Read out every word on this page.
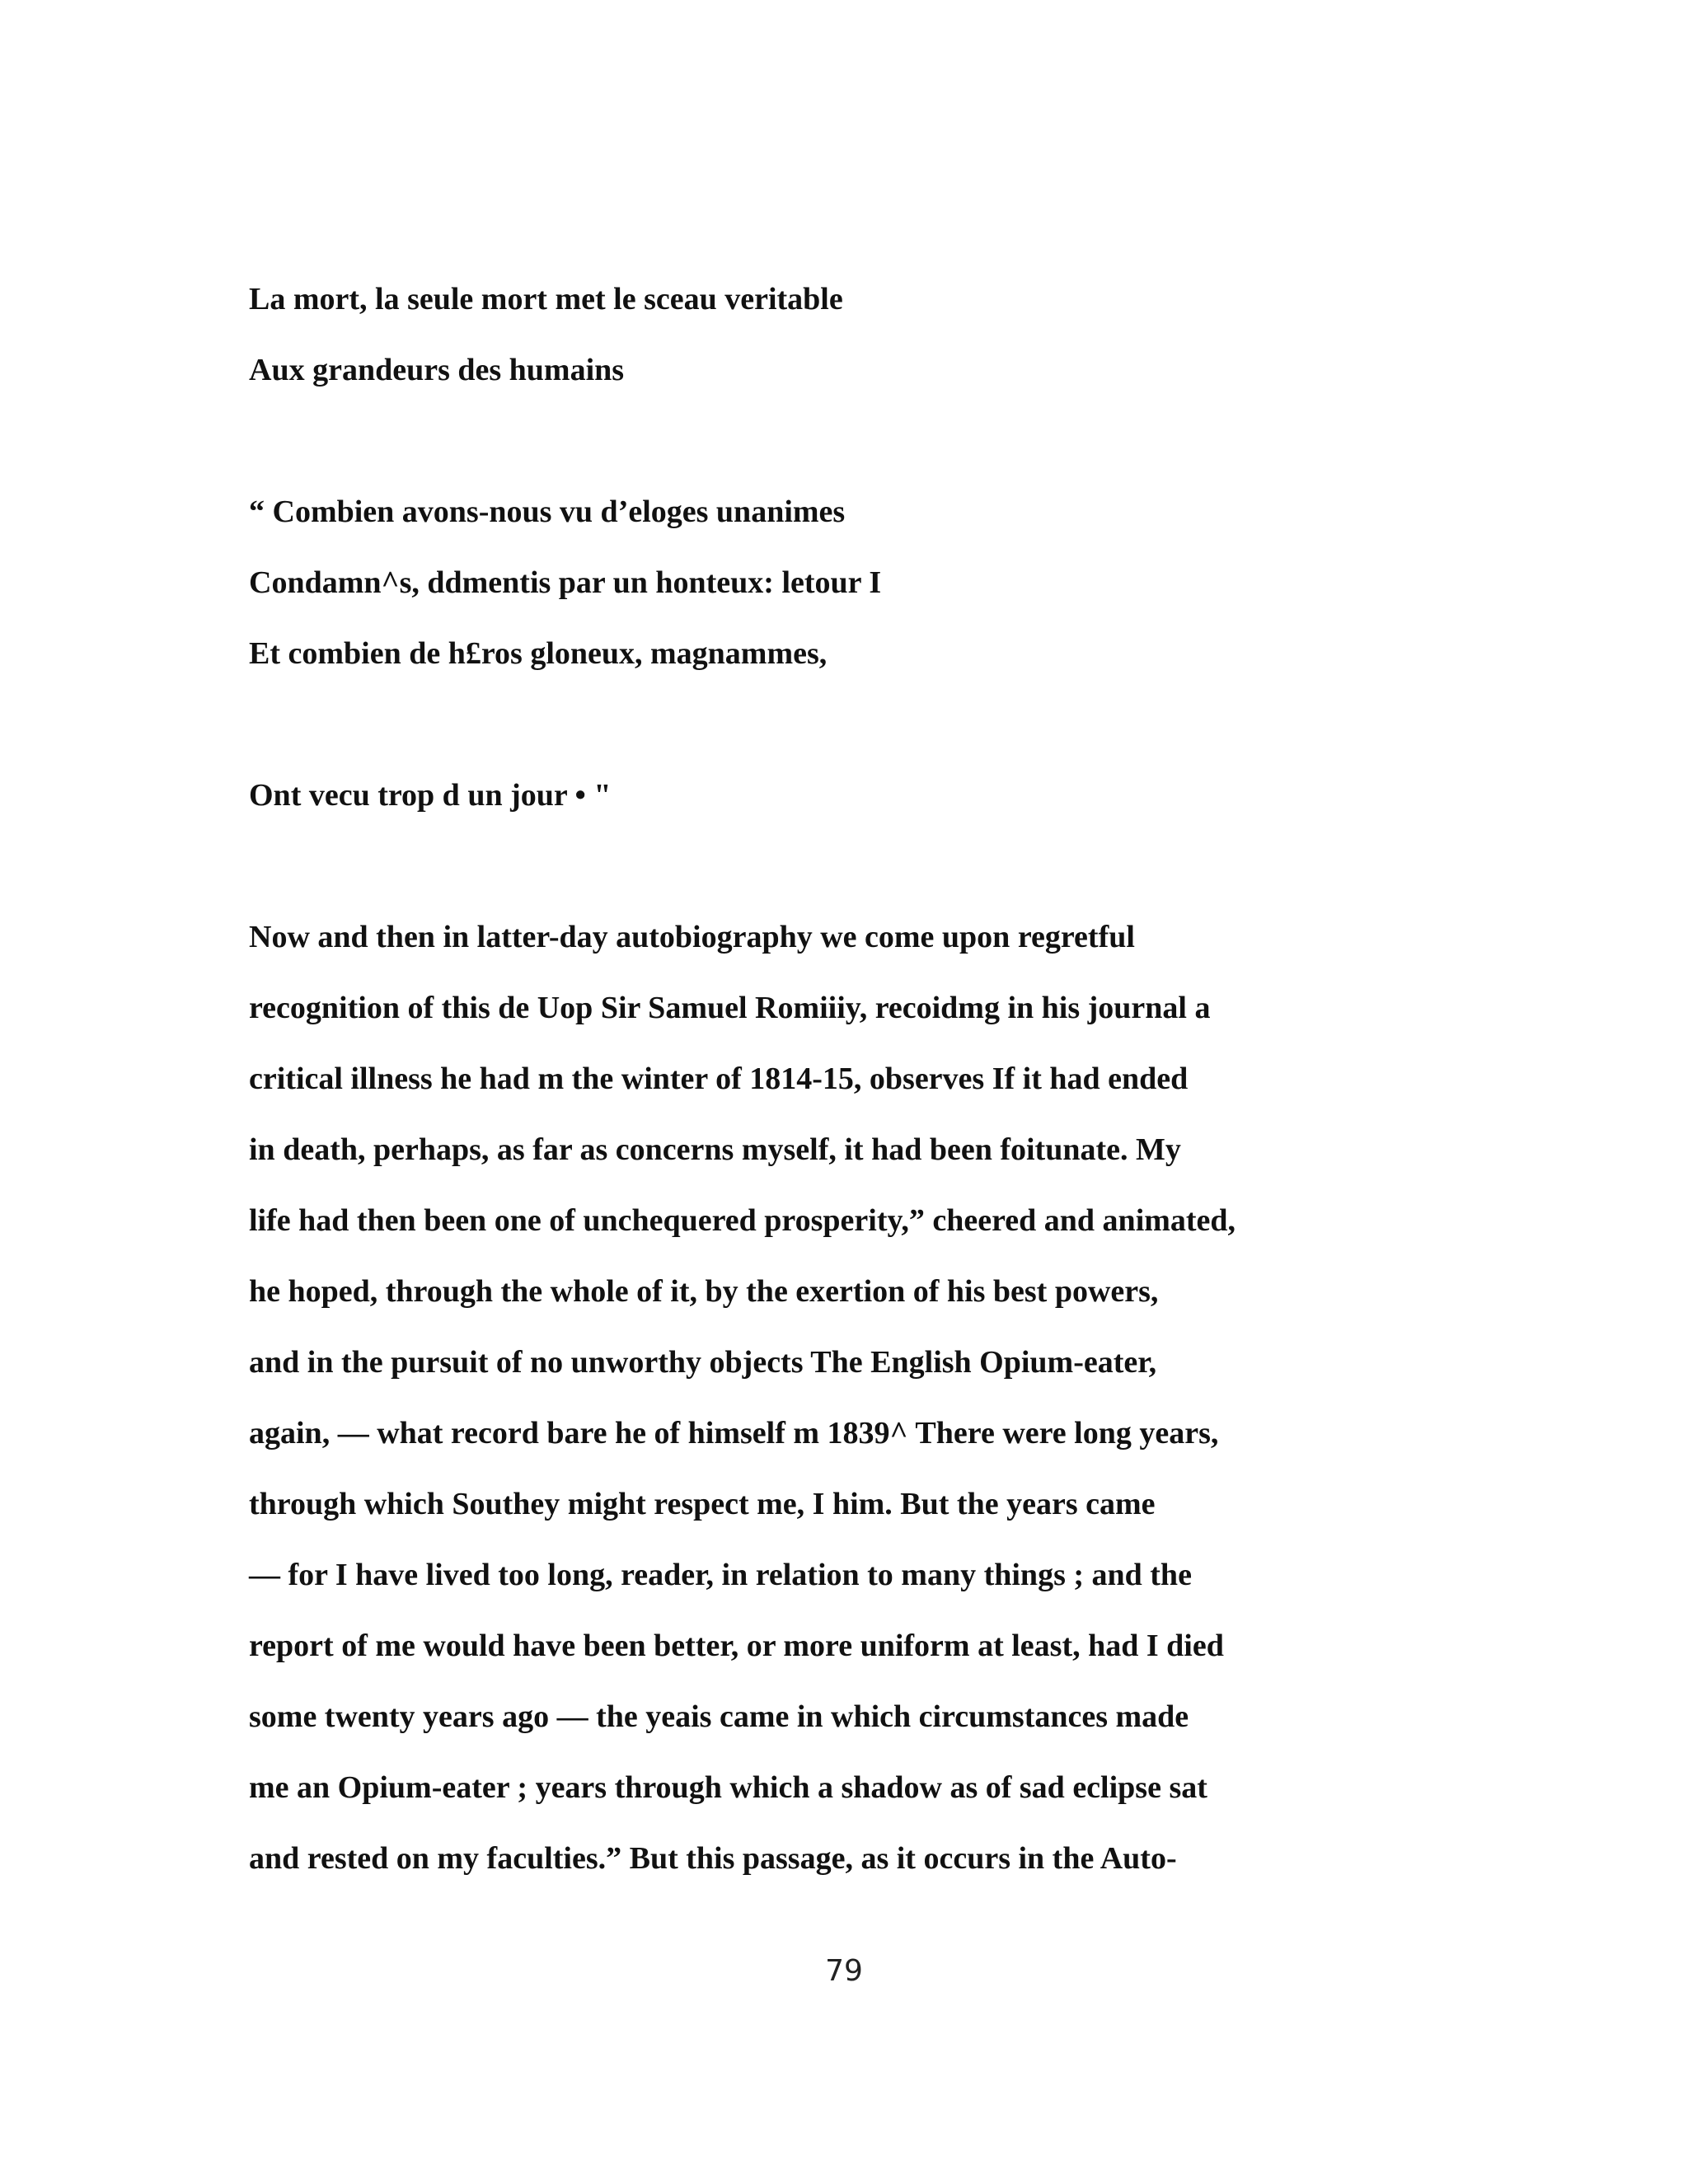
La mort, la seule mort met le sceau veritable
Aux grandeurs des humains
“ Combien avons-nous vu d’eloges unanimes
Condamn^s, ddmentis par un honteux: letour I
Et combien de h£ros gloneux, magnammes,
Ont vecu trop d un jour • "
Now and then in latter-day autobiography we come upon regretful
recognition of this de Uop Sir Samuel Romiiiy, recoidmg in his journal a
critical illness he had m the winter of 1814-15, observes If it had ended
in death, perhaps, as far as concerns myself, it had been foitunate. My
life had then been one of unchequered prosperity,” cheered and animated,
he hoped, through the whole of it, by the exertion of his best powers,
and in the pursuit of no unworthy objects The English Opium-eater,
again, — what record bare he of himself m 1839^ There were long years,
through which Southey might respect me, I him. But the years came
— for I have lived too long, reader, in relation to many things ; and the
report of me would have been better, or more uniform at least, had I died
some twenty years ago — the yeais came in which circumstances made
me an Opium-eater ; years through which a shadow as of sad eclipse sat
and rested on my faculties.” But this passage, as it occurs in the Auto-
79
